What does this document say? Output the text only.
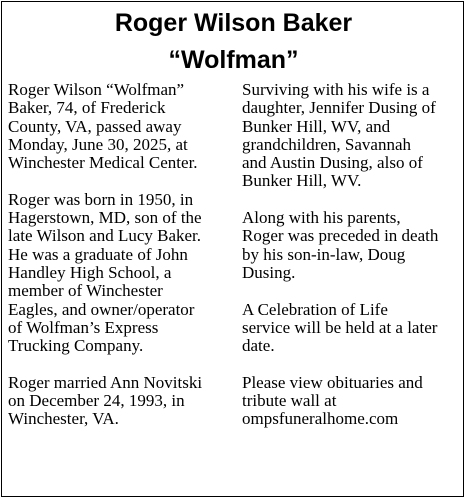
Roger Wilson Baker
“Wolfman”

Roger Wilson “Wolfman”
Baker, 74, of Frederick
County, VA, passed away
Monday, June 30, 2025, at
Winchester Medical Center.

Roger was born in 1950, in
Hagerstown, MD, son of the
late Wilson and Lucy Baker.
He was a graduate of John
Handley High School, a
member of Winchester
Eagles, and owner/operator
of Wolfman’s Express
Trucking Company.

Roger married Ann Novitski
on December 24, 1993, in
Winchester, VA.

Surviving with his wife is a
daughter, Jennifer Dusing of
Bunker Hill, WV, and
grandchildren, Savannah
and Austin Dusing, also of
Bunker Hill, WV.

Along with his parents,
Roger was preceded in death
by his son-in-law, Doug
Dusing.

A Celebration of Life
service will be held at a later
date.

Please view obituaries and
tribute wall at
ompsfuneralhome.com
